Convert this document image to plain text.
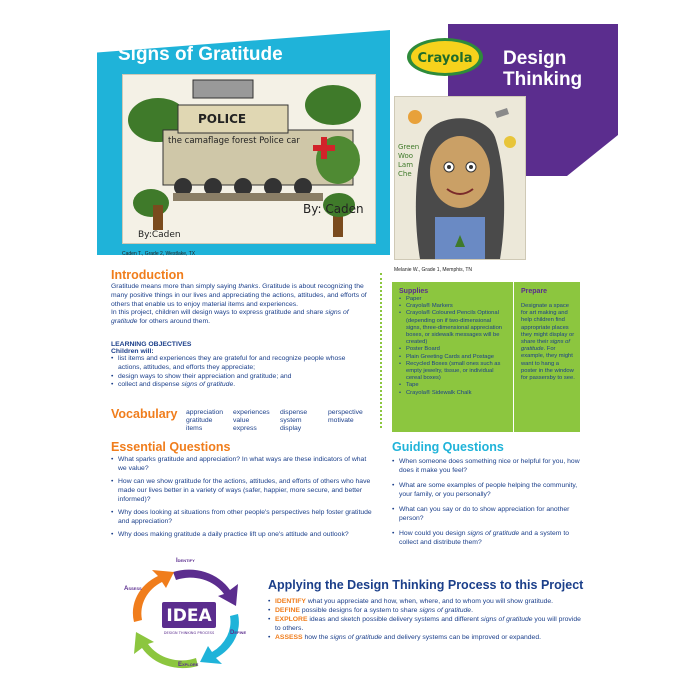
Signs of Gratitude
POLICE
the camaflage forest Police car
By: Caden
By:Caden
Caden T., Grade 2, Westlake, TX
Crayola Design
Thinking
Green
Woo
Lam
Che
Melanie W., Grade 1, Memphis, TN
Introduction
Gratitude means more than simply saying thanks. Gratitude is about recognizing the many positive things in our lives and appreciating the actions, attitudes, and efforts of others that enable us to enjoy material items and experiences.
In this project, children will design ways to express gratitude and share signs of gratitude for others around them.
LEARNING OBJECTIVES
Children will:
• list items and experiences they are grateful for and recognize people whose actions, attitudes, and efforts they appreciate;
• design ways to show their appreciation and gratitude; and
• collect and dispense signs of gratitude.
Vocabulary appreciation
gratitude
items
experiences
value
express
dispense
system
display
perspective
motivate
Essential Questions
• What sparks gratitude and appreciation? In what ways are these indicators of what we value?
• How can we show gratitude for the actions, attitudes, and efforts of others who have made our lives better in a variety of ways (safer, happier, more secure, and better informed)?
• Why does looking at situations from other people's perspectives help foster gratitude and appreciation?
• Why does making gratitude a daily practice lift up one's attitude and outlook?
Supplies
• Paper
• Crayola® Markers
• Crayola® Coloured Pencils Optional (depending on if two-dimensional signs, three-dimensional appreciation boxes, or sidewalk messages will be created)
• Poster Board
• Plain Greeting Cards and Postage
• Recycled Boxes (small ones such as empty jewelry, tissue, or individual cereal boxes)
• Tape
• Crayola® Sidewalk Chalk
Prepare
Designate a space for art making and help children find appropriate places they might display or share their signs of gratitude. For example, they might want to hang a poster in the window for passersby to see.
Guiding Questions
• When someone does something nice or helpful for you, how does it make you feel?
• What are some examples of people helping the community, your family, or you personally?
• What can you say or do to show appreciation for another person?
• How could you design signs of gratitude and a system to collect and distribute them?
IDEA
DESIGN THINKING PROCESS
Identify
Define
Explore
Assess	Applying the Design Thinking Process to this Project
• IDENTIFY what you appreciate and how, when, where, and to whom you will show gratitude.
• DEFINE possible designs for a system to share signs of gratitude.
• EXPLORE ideas and sketch possible delivery systems and different signs of gratitude you will provide to others.
• ASSESS how the signs of gratitude and delivery systems can be improved or expanded.
